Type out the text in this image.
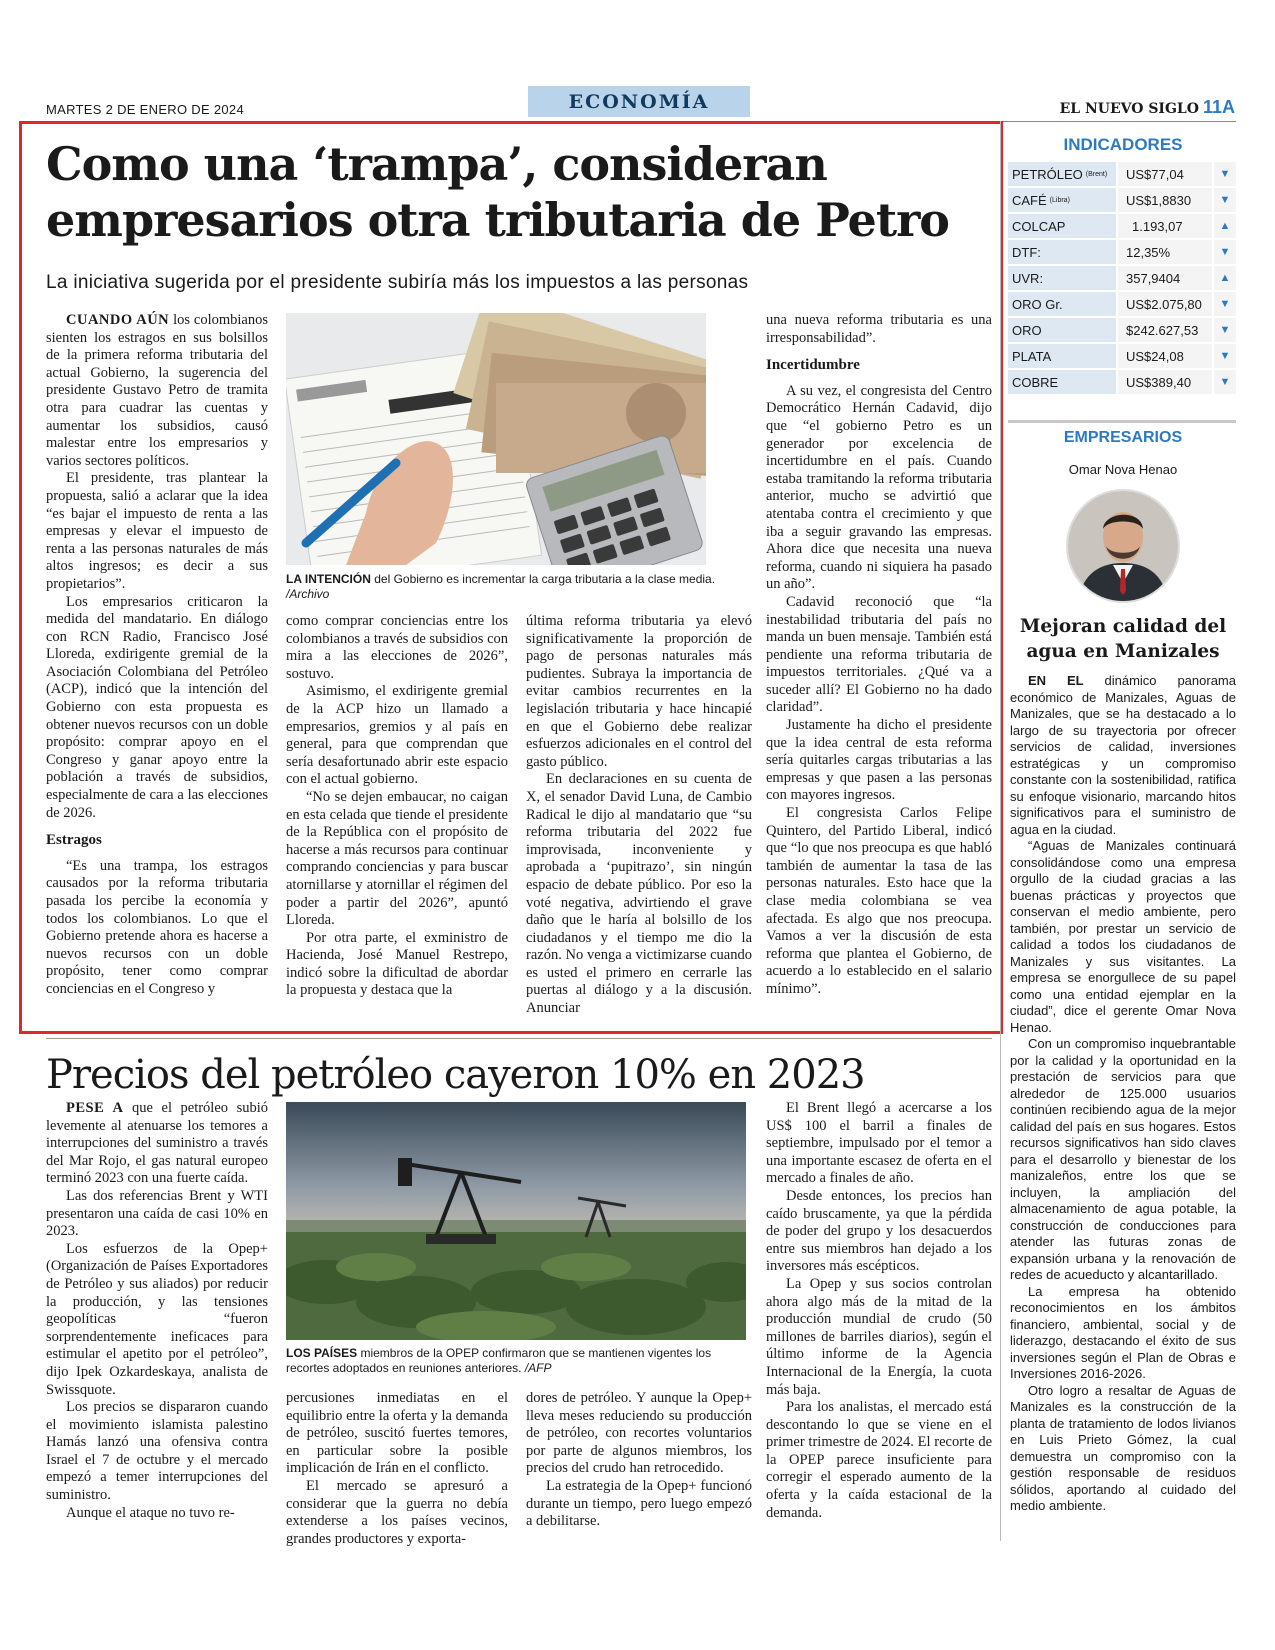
MARTES 2 DE ENERO DE 2024	ECONOMÍA	EL NUEVO SIGLO 11A
Como una ‘trampa’, consideran
empresarios otra tributaria de Petro
La iniciativa sugerida por el presidente subiría más los impuestos a las personas

CUANDO AÚN los colombianos sienten los estragos en sus bolsillos de la primera reforma tributaria del actual Gobierno, la sugerencia del presidente Gustavo Petro de tramita otra para cuadrar las cuentas y aumentar los subsidios, causó malestar entre los empresarios y varios sectores políticos.

El presidente, tras plantear la propuesta, salió a aclarar que la idea “es bajar el impuesto de renta a las empresas y elevar el impuesto de renta a las personas naturales de más altos ingresos; es decir a sus propietarios”.

Los empresarios criticaron la medida del mandatario. En diálogo con RCN Radio, Francisco José Lloreda, exdirigente gremial de la Asociación Colombiana del Petróleo (ACP), indicó que la intención del Gobierno con esta propuesta es obtener nuevos recursos con un doble propósito: comprar apoyo en el Congreso y ganar apoyo entre la población a través de subsidios, especialmente de cara a las elecciones de 2026.

Estragos

“Es una trampa, los estragos causados por la reforma tributaria pasada los percibe la economía y todos los colombianos. Lo que el Gobierno pretende ahora es hacerse a nuevos recursos con un doble propósito, tener como comprar conciencias en el Congreso y

LA INTENCIÓN del Gobierno es incrementar la carga tributaria a la clase media. /Archivo

como comprar conciencias entre los colombianos a través de subsidios con mira a las elecciones de 2026”, sostuvo.

Asimismo, el exdirigente gremial de la ACP hizo un llamado a empresarios, gremios y al país en general, para que comprendan que sería desafortunado abrir este espacio con el actual gobierno.

“No se dejen embaucar, no caigan en esta celada que tiende el presidente de la República con el propósito de hacerse a más recursos para continuar comprando conciencias y para buscar atornillarse y atornillar el régimen del poder a partir del 2026”, apuntó Lloreda.

Por otra parte, el exministro de Hacienda, José Manuel Restrepo, indicó sobre la dificultad de abordar la propuesta y destaca que la

última reforma tributaria ya elevó significativamente la proporción de pago de personas naturales más pudientes. Subraya la importancia de evitar cambios recurrentes en la legislación tributaria y hace hincapié en que el Gobierno debe realizar esfuerzos adicionales en el control del gasto público.

En declaraciones en su cuenta de X, el senador David Luna, de Cambio Radical le dijo al mandatario que “su reforma tributaria del 2022 fue improvisada, inconveniente y aprobada a ‘pupitrazo’, sin ningún espacio de debate público. Por eso la voté negativa, advirtiendo el grave daño que le haría al bolsillo de los ciudadanos y el tiempo me dio la razón. No venga a victimizarse cuando es usted el primero en cerrarle las puertas al diálogo y a la discusión. Anunciar

una nueva reforma tributaria es una irresponsabilidad”.

Incertidumbre

A su vez, el congresista del Centro Democrático Hernán Cadavid, dijo que “el gobierno Petro es un generador por excelencia de incertidumbre en el país. Cuando estaba tramitando la reforma tributaria anterior, mucho se advirtió que atentaba contra el crecimiento y que iba a seguir gravando las empresas. Ahora dice que necesita una nueva reforma, cuando ni siquiera ha pasado un año”.

Cadavid reconoció que “la inestabilidad tributaria del país no manda un buen mensaje. También está pendiente una reforma tributaria de impuestos territoriales. ¿Qué va a suceder allí? El Gobierno no ha dado claridad”.

Justamente ha dicho el presidente que la idea central de esta reforma sería quitarles cargas tributarias a las empresas y que pasen a las personas con mayores ingresos.

El congresista Carlos Felipe Quintero, del Partido Liberal, indicó que “lo que nos preocupa es que habló también de aumentar la tasa de las personas naturales. Esto hace que la clase media colombiana se vea afectada. Es algo que nos preocupa. Vamos a ver la discusión de esta reforma que plantea el Gobierno, de acuerdo a lo establecido en el salario mínimo”.

Precios del petróleo cayeron 10% en 2023

PESE A que el petróleo subió levemente al atenuarse los temores a interrupciones del suministro a través del Mar Rojo, el gas natural europeo terminó 2023 con una fuerte caída.

Las dos referencias Brent y WTI presentaron una caída de casi 10% en 2023.

Los esfuerzos de la Opep+ (Organización de Países Exportadores de Petróleo y sus aliados) por reducir la producción, y las tensiones geopolíticas “fueron sorprendentemente ineficaces para estimular el apetito por el petróleo”, dijo Ipek Ozkardeskaya, analista de Swissquote.

Los precios se dispararon cuando el movimiento islamista palestino Hamás lanzó una ofensiva contra Israel el 7 de octubre y el mercado empezó a temer interrupciones del suministro.

Aunque el ataque no tuvo re-

LOS PAÍSES miembros de la OPEP confirmaron que se mantienen vigentes los recortes adoptados en reuniones anteriores. /AFP

percusiones inmediatas en el equilibrio entre la oferta y la demanda de petróleo, suscitó fuertes temores, en particular sobre la posible implicación de Irán en el conflicto.

El mercado se apresuró a considerar que la guerra no debía extenderse a los países vecinos, grandes productores y exporta-

dores de petróleo. Y aunque la Opep+ lleva meses reduciendo su producción de petróleo, con recortes voluntarios por parte de algunos miembros, los precios del crudo han retrocedido.

La estrategia de la Opep+ funcionó durante un tiempo, pero luego empezó a debilitarse.

El Brent llegó a acercarse a los US$ 100 el barril a finales de septiembre, impulsado por el temor a una importante escasez de oferta en el mercado a finales de año.

Desde entonces, los precios han caído bruscamente, ya que la pérdida de poder del grupo y los desacuerdos entre sus miembros han dejado a los inversores más escépticos.

La Opep y sus socios controlan ahora algo más de la mitad de la producción mundial de crudo (50 millones de barriles diarios), según el último informe de la Agencia Internacional de la Energía, la cuota más baja.

Para los analistas, el mercado está descontando lo que se viene en el primer trimestre de 2024. El recorte de la OPEP parece insuficiente para corregir el esperado aumento de la oferta y la caída estacional de la demanda.

INDICADORES
PETRÓLEO (Brent)	US$77,04	▼
CAFÉ (Libra)	US$1,8830	▼
COLCAP	1.193,07	▲
DTF:	12,35%	▼
UVR:	357,9404	▲
ORO Gr.	US$2.075,80	▼
ORO	$242.627,53	▼
PLATA	US$24,08	▼
COBRE	US$389,40	▼
EMPRESARIOS
Omar Nova Henao
Mejoran calidad del
agua en Manizales

EN EL dinámico panorama económico de Manizales, Aguas de Manizales, que se ha destacado a lo largo de su trayectoria por ofrecer servicios de calidad, inversiones estratégicas y un compromiso constante con la sostenibilidad, ratifica su enfoque visionario, marcando hitos significativos para el suministro de agua en la ciudad.

“Aguas de Manizales continuará consolidándose como una empresa orgullo de la ciudad gracias a las buenas prácticas y proyectos que conservan el medio ambiente, pero también, por prestar un servicio de calidad a todos los ciudadanos de Manizales y sus visitantes. La empresa se enorgullece de su papel como una entidad ejemplar en la ciudad”, dice el gerente Omar Nova Henao.

Con un compromiso inquebrantable por la calidad y la oportunidad en la prestación de servicios para que alrededor de 125.000 usuarios continúen recibiendo agua de la mejor calidad del país en sus hogares. Estos recursos significativos han sido claves para el desarrollo y bienestar de los manizaleños, entre los que se incluyen, la ampliación del almacenamiento de agua potable, la construcción de conducciones para atender las futuras zonas de expansión urbana y la renovación de redes de acueducto y alcantarillado.

La empresa ha obtenido reconocimientos en los ámbitos financiero, ambiental, social y de liderazgo, destacando el éxito de sus inversiones según el Plan de Obras e Inversiones 2016-2026.

Otro logro a resaltar de Aguas de Manizales es la construcción de la planta de tratamiento de lodos livianos en Luis Prieto Gómez, la cual demuestra un compromiso con la gestión responsable de residuos sólidos, aportando al cuidado del medio ambiente.
